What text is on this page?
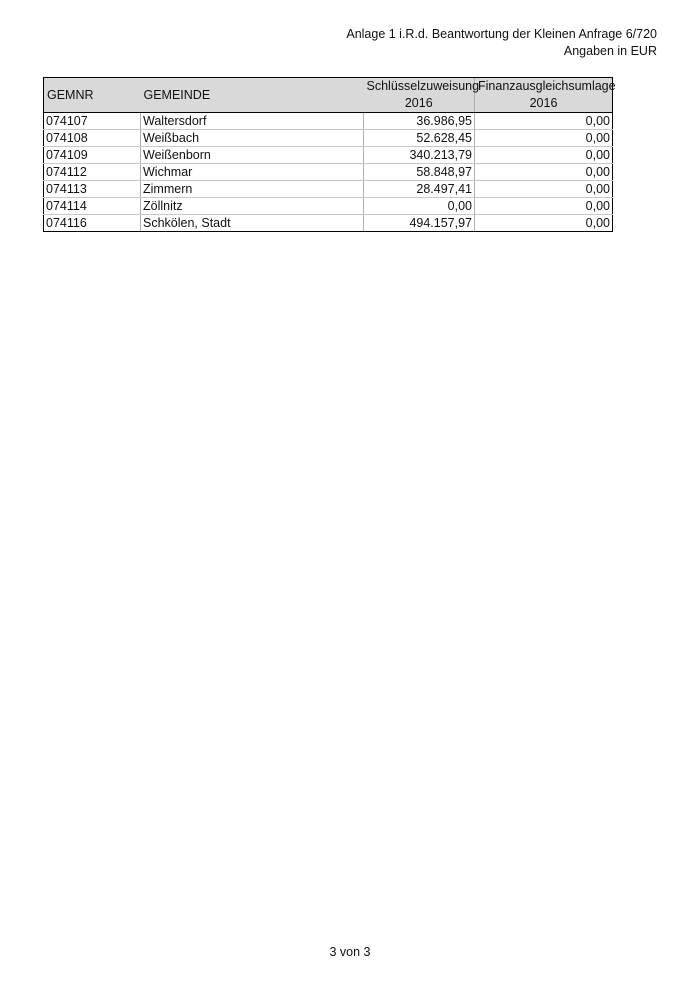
Anlage 1 i.R.d. Beantwortung der Kleinen Anfrage 6/720
Angaben in EUR
GEMNR	GEMEINDE	Schlüsselzuweisung	Finanzausgleichsumlage
		2016	2016
074107	Waltersdorf	36.986,95	0,00
074108	Weißbach	52.628,45	0,00
074109	Weißenborn	340.213,79	0,00
074112	Wichmar	58.848,97	0,00
074113	Zimmern	28.497,41	0,00
074114	Zöllnitz	0,00	0,00
074116	Schkölen, Stadt	494.157,97	0,00
3 von 3
